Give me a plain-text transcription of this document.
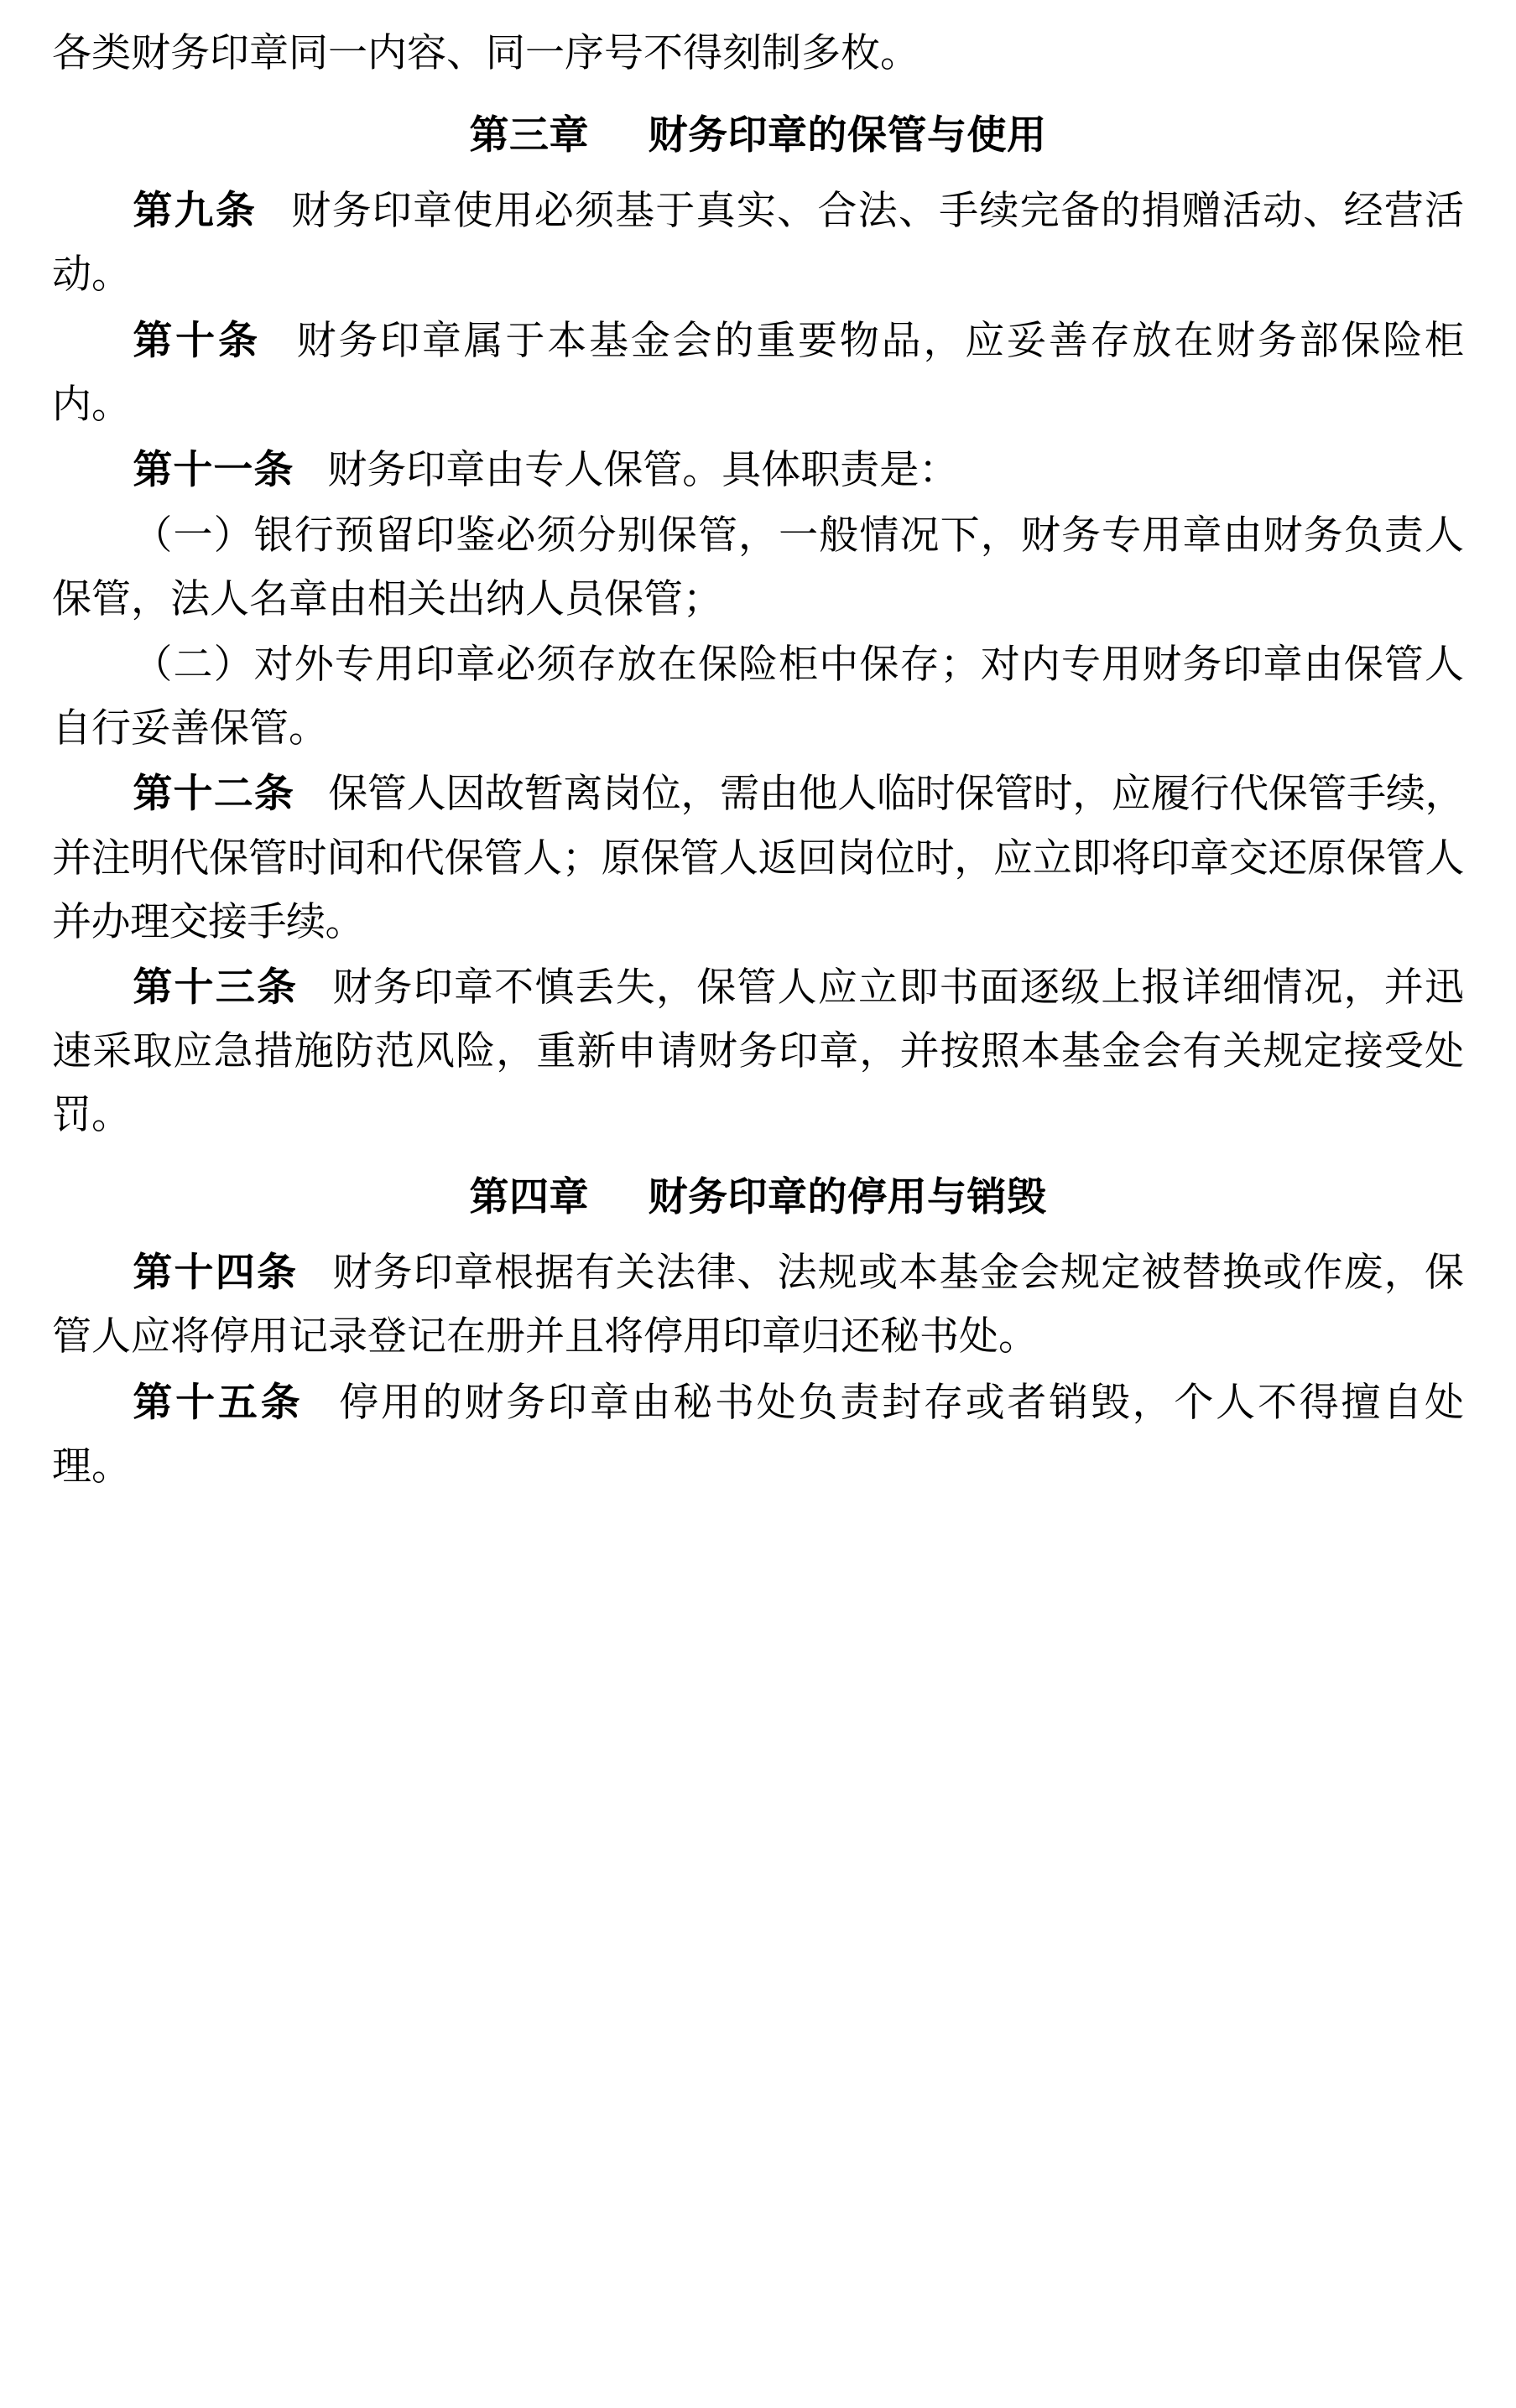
各类财务印章同一内容、同一序号不得刻制多枚。

第三章 财务印章的保管与使用

第九条 财务印章使用必须基于真实、合法、手续完备的捐赠活动、经营活动。

第十条 财务印章属于本基金会的重要物品，应妥善存放在财务部保险柜内。

第十一条 财务印章由专人保管。具体职责是：

（一）银行预留印鉴必须分别保管，一般情况下，财务专用章由财务负责人保管，法人名章由相关出纳人员保管；

（二）对外专用印章必须存放在保险柜中保存；对内专用财务印章由保管人自行妥善保管。

第十二条 保管人因故暂离岗位，需由他人临时保管时，应履行代保管手续，并注明代保管时间和代保管人；原保管人返回岗位时，应立即将印章交还原保管人并办理交接手续。

第十三条 财务印章不慎丢失，保管人应立即书面逐级上报详细情况，并迅速采取应急措施防范风险，重新申请财务印章，并按照本基金会有关规定接受处罚。

第四章 财务印章的停用与销毁

第十四条 财务印章根据有关法律、法规或本基金会规定被替换或作废，保管人应将停用记录登记在册并且将停用印章归还秘书处。

第十五条 停用的财务印章由秘书处负责封存或者销毁，个人不得擅自处理。
